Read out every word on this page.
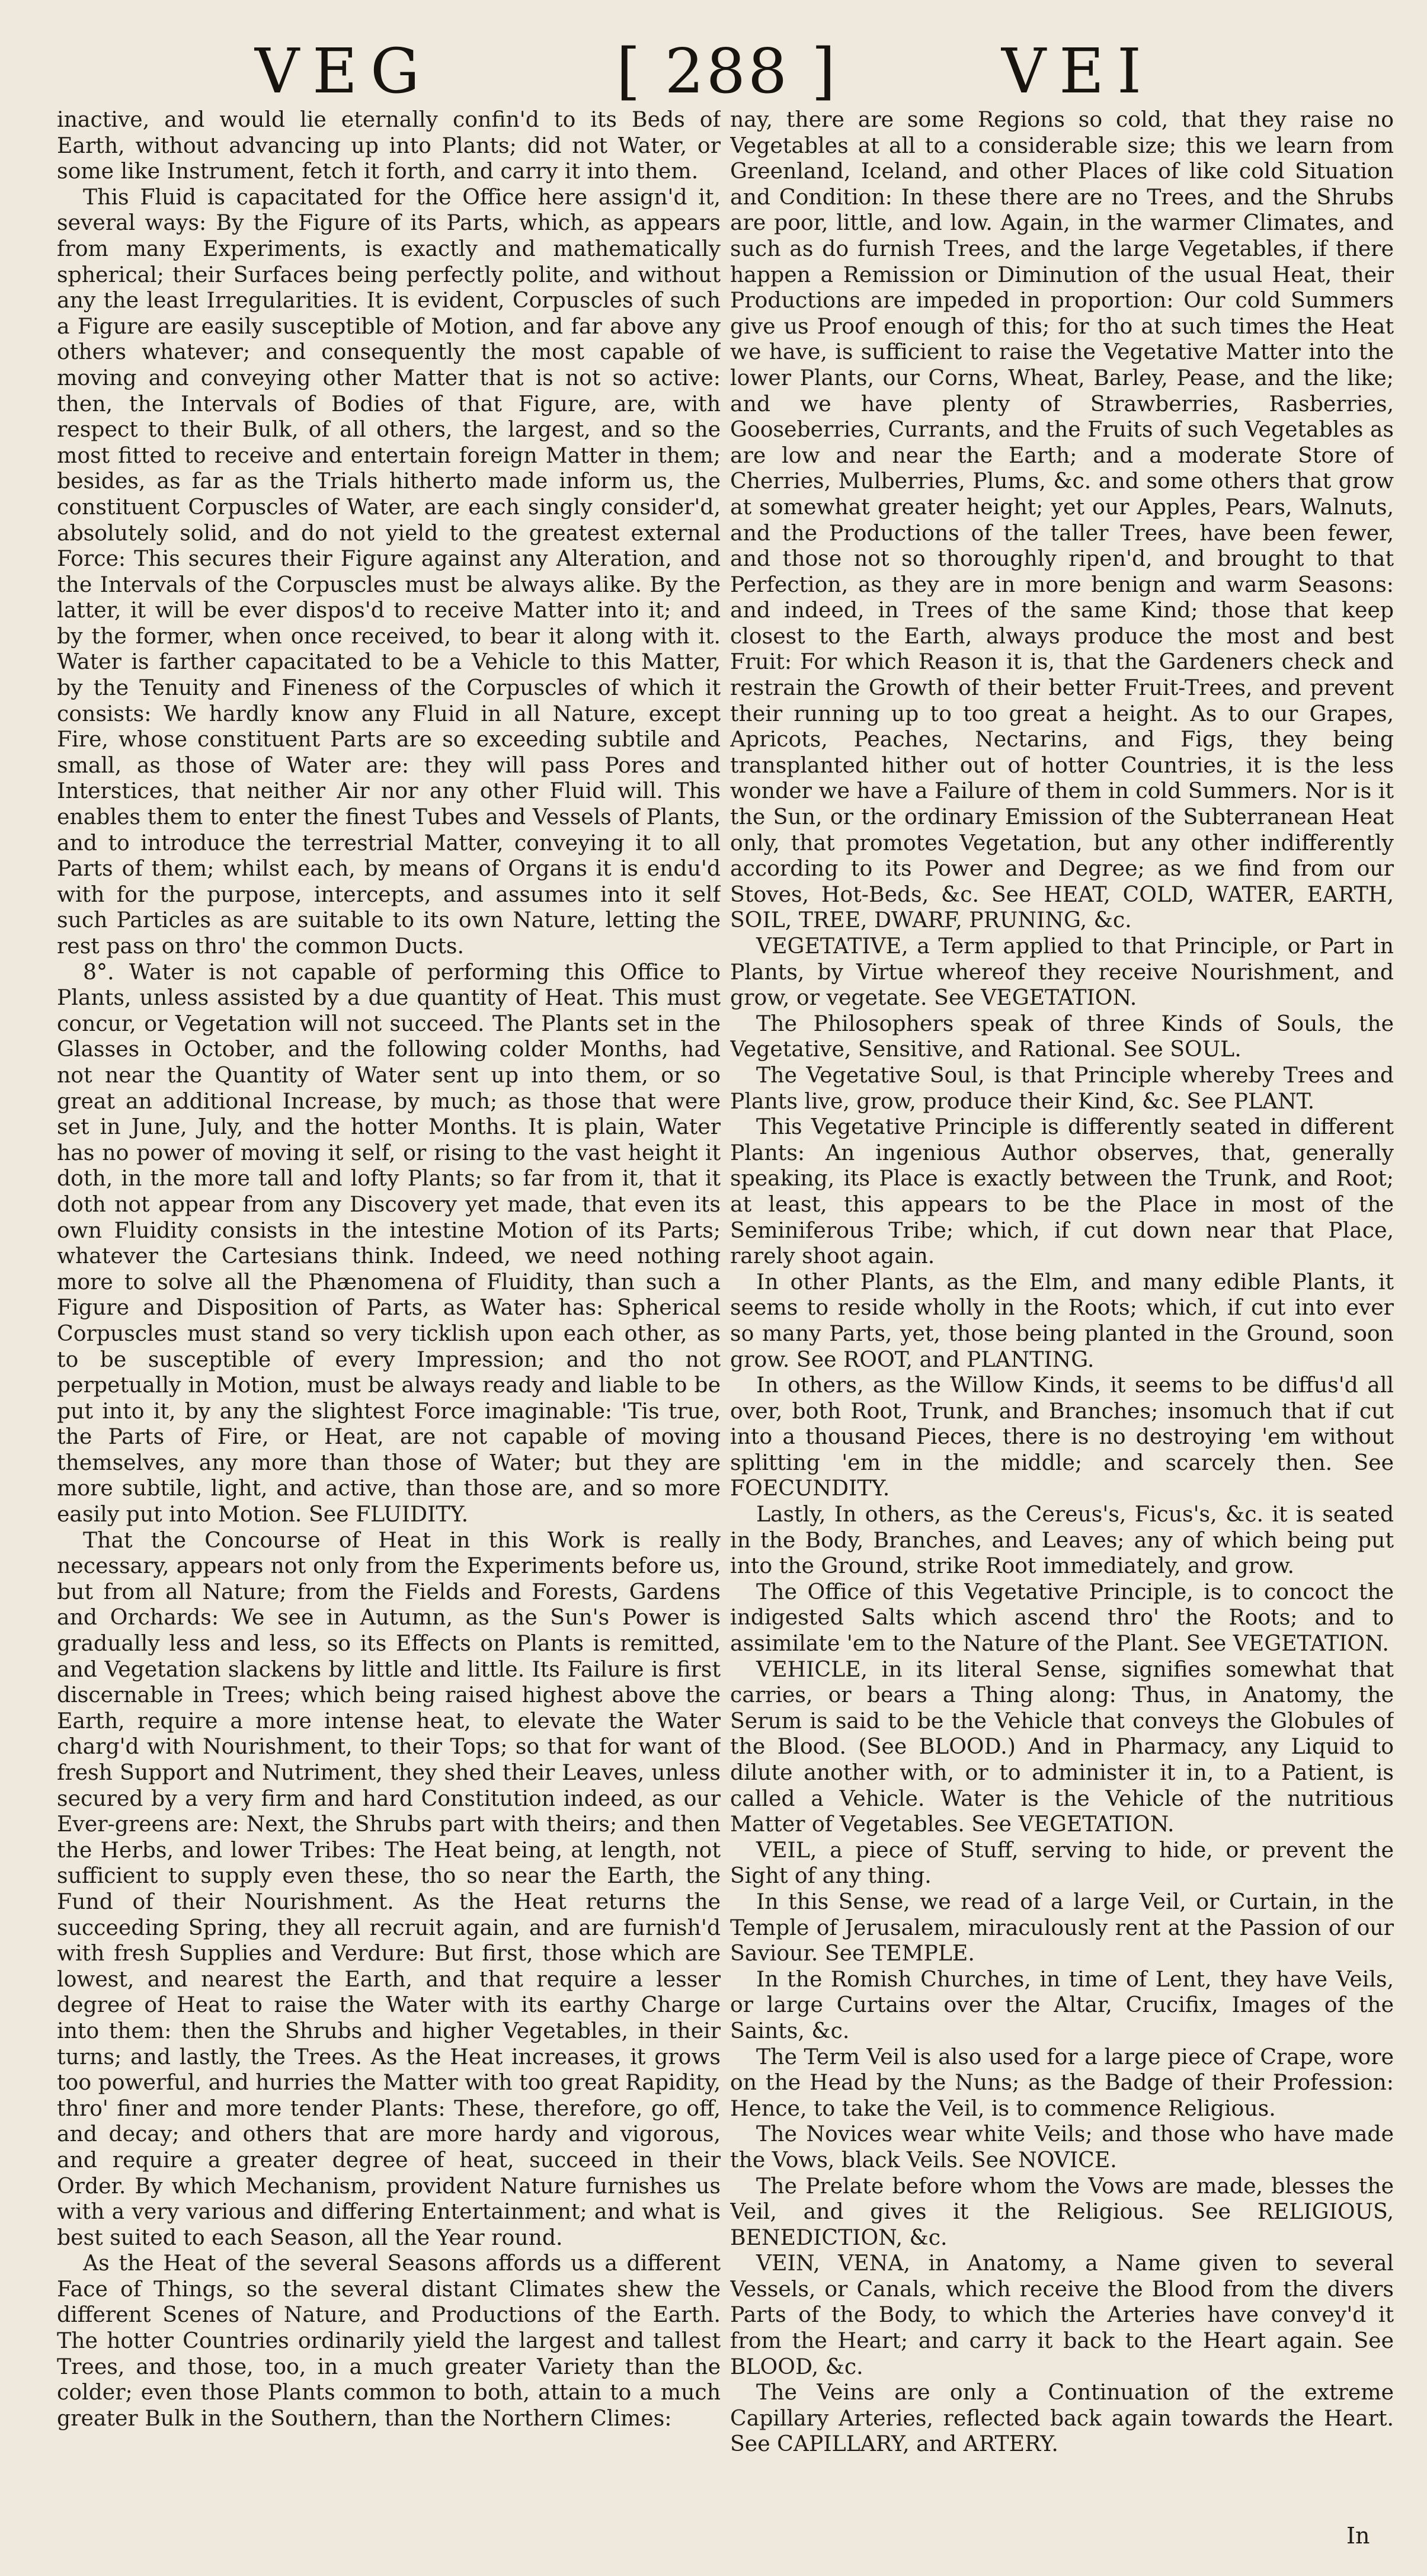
VEG	[ 288 ]	VEI

inactive, and would lie eternally confin'd to its Beds of Earth, without advancing up into Plants; did not Water, or some like Instrument, fetch it forth, and carry it into them.

This Fluid is capacitated for the Office here assign'd it, several ways: By the Figure of its Parts, which, as appears from many Experiments, is exactly and mathematically spherical; their Surfaces being perfectly polite, and without any the least Irregularities. It is evident, Corpuscles of such a Figure are easily susceptible of Motion, and far above any others whatever; and consequently the most capable of moving and conveying other Matter that is not so active: then, the Intervals of Bodies of that Figure, are, with respect to their Bulk, of all others, the largest, and so the most fitted to receive and entertain foreign Matter in them; besides, as far as the Trials hitherto made inform us, the constituent Corpuscles of Water, are each singly consider'd, absolutely solid, and do not yield to the greatest external Force: This secures their Figure against any Alteration, and the Intervals of the Corpuscles must be always alike. By the latter, it will be ever dispos'd to receive Matter into it; and by the former, when once received, to bear it along with it. Water is farther capacitated to be a Vehicle to this Matter, by the Tenuity and Fineness of the Corpuscles of which it consists: We hardly know any Fluid in all Nature, except Fire, whose constituent Parts are so exceeding subtile and small, as those of Water are: they will pass Pores and Interstices, that neither Air nor any other Fluid will. This enables them to enter the finest Tubes and Vessels of Plants, and to introduce the terrestrial Matter, conveying it to all Parts of them; whilst each, by means of Organs it is endu'd with for the purpose, intercepts, and assumes into it self such Particles as are suitable to its own Nature, letting the rest pass on thro' the common Ducts.

8°. Water is not capable of performing this Office to Plants, unless assisted by a due quantity of Heat. This must concur, or Vegetation will not succeed. The Plants set in the Glasses in October, and the following colder Months, had not near the Quantity of Water sent up into them, or so great an additional Increase, by much; as those that were set in June, July, and the hotter Months. It is plain, Water has no power of moving it self, or rising to the vast height it doth, in the more tall and lofty Plants; so far from it, that it doth not appear from any Discovery yet made, that even its own Fluidity consists in the intestine Motion of its Parts; whatever the Cartesians think. Indeed, we need nothing more to solve all the Phænomena of Fluidity, than such a Figure and Disposition of Parts, as Water has: Spherical Corpuscles must stand so very ticklish upon each other, as to be susceptible of every Impression; and tho not perpetually in Motion, must be always ready and liable to be put into it, by any the slightest Force imaginable: 'Tis true, the Parts of Fire, or Heat, are not capable of moving themselves, any more than those of Water; but they are more subtile, light, and active, than those are, and so more easily put into Motion. See FLUIDITY.

That the Concourse of Heat in this Work is really necessary, appears not only from the Experiments before us, but from all Nature; from the Fields and Forests, Gardens and Orchards: We see in Autumn, as the Sun's Power is gradually less and less, so its Effects on Plants is remitted, and Vegetation slackens by little and little. Its Failure is first discernable in Trees; which being raised highest above the Earth, require a more intense heat, to elevate the Water charg'd with Nourishment, to their Tops; so that for want of fresh Support and Nutriment, they shed their Leaves, unless secured by a very firm and hard Constitution indeed, as our Ever-greens are: Next, the Shrubs part with theirs; and then the Herbs, and lower Tribes: The Heat being, at length, not sufficient to supply even these, tho so near the Earth, the Fund of their Nourishment. As the Heat returns the succeeding Spring, they all recruit again, and are furnish'd with fresh Supplies and Verdure: But first, those which are lowest, and nearest the Earth, and that require a lesser degree of Heat to raise the Water with its earthy Charge into them: then the Shrubs and higher Vegetables, in their turns; and lastly, the Trees. As the Heat increases, it grows too powerful, and hurries the Matter with too great Rapidity, thro' finer and more tender Plants: These, therefore, go off, and decay; and others that are more hardy and vigorous, and require a greater degree of heat, succeed in their Order. By which Mechanism, provident Nature furnishes us with a very various and differing Entertainment; and what is best suited to each Season, all the Year round.

As the Heat of the several Seasons affords us a different Face of Things, so the several distant Climates shew the different Scenes of Nature, and Productions of the Earth. The hotter Countries ordinarily yield the largest and tallest Trees, and those, too, in a much greater Variety than the colder; even those Plants common to both, attain to a much greater Bulk in the Southern, than the Northern Climes:

nay, there are some Regions so cold, that they raise no Vegetables at all to a considerable size; this we learn from Greenland, Iceland, and other Places of like cold Situation and Condition: In these there are no Trees, and the Shrubs are poor, little, and low. Again, in the warmer Climates, and such as do furnish Trees, and the large Vegetables, if there happen a Remission or Diminution of the usual Heat, their Productions are impeded in proportion: Our cold Summers give us Proof enough of this; for tho at such times the Heat we have, is sufficient to raise the Vegetative Matter into the lower Plants, our Corns, Wheat, Barley, Pease, and the like; and we have plenty of Strawberries, Rasberries, Gooseberries, Currants, and the Fruits of such Vegetables as are low and near the Earth; and a moderate Store of Cherries, Mulberries, Plums, &c. and some others that grow at somewhat greater height; yet our Apples, Pears, Walnuts, and the Productions of the taller Trees, have been fewer, and those not so thoroughly ripen'd, and brought to that Perfection, as they are in more benign and warm Seasons: and indeed, in Trees of the same Kind; those that keep closest to the Earth, always produce the most and best Fruit: For which Reason it is, that the Gardeners check and restrain the Growth of their better Fruit-Trees, and prevent their running up to too great a height. As to our Grapes, Apricots, Peaches, Nectarins, and Figs, they being transplanted hither out of hotter Countries, it is the less wonder we have a Failure of them in cold Summers. Nor is it the Sun, or the ordinary Emission of the Subterranean Heat only, that promotes Vegetation, but any other indifferently according to its Power and Degree; as we find from our Stoves, Hot-Beds, &c. See HEAT, COLD, WATER, EARTH, SOIL, TREE, DWARF, PRUNING, &c.

VEGETATIVE, a Term applied to that Principle, or Part in Plants, by Virtue whereof they receive Nourishment, and grow, or vegetate. See VEGETATION.

The Philosophers speak of three Kinds of Souls, the Vegetative, Sensitive, and Rational. See SOUL.

The Vegetative Soul, is that Principle whereby Trees and Plants live, grow, produce their Kind, &c. See PLANT.

This Vegetative Principle is differently seated in different Plants: An ingenious Author observes, that, generally speaking, its Place is exactly between the Trunk, and Root; at least, this appears to be the Place in most of the Seminiferous Tribe; which, if cut down near that Place, rarely shoot again.

In other Plants, as the Elm, and many edible Plants, it seems to reside wholly in the Roots; which, if cut into ever so many Parts, yet, those being planted in the Ground, soon grow. See ROOT, and PLANTING.

In others, as the Willow Kinds, it seems to be diffus'd all over, both Root, Trunk, and Branches; insomuch that if cut into a thousand Pieces, there is no destroying 'em without splitting 'em in the middle; and scarcely then. See FOECUNDITY.

Lastly, In others, as the Cereus's, Ficus's, &c. it is seated in the Body, Branches, and Leaves; any of which being put into the Ground, strike Root immediately, and grow.

The Office of this Vegetative Principle, is to concoct the indigested Salts which ascend thro' the Roots; and to assimilate 'em to the Nature of the Plant. See VEGETATION.

VEHICLE, in its literal Sense, signifies somewhat that carries, or bears a Thing along: Thus, in Anatomy, the Serum is said to be the Vehicle that conveys the Globules of the Blood. (See BLOOD.) And in Pharmacy, any Liquid to dilute another with, or to administer it in, to a Patient, is called a Vehicle. Water is the Vehicle of the nutritious Matter of Vegetables. See VEGETATION.

VEIL, a piece of Stuff, serving to hide, or prevent the Sight of any thing.

In this Sense, we read of a large Veil, or Curtain, in the Temple of Jerusalem, miraculously rent at the Passion of our Saviour. See TEMPLE.

In the Romish Churches, in time of Lent, they have Veils, or large Curtains over the Altar, Crucifix, Images of the Saints, &c.

The Term Veil is also used for a large piece of Crape, wore on the Head by the Nuns; as the Badge of their Profession: Hence, to take the Veil, is to commence Religious.

The Novices wear white Veils; and those who have made the Vows, black Veils. See NOVICE.

The Prelate before whom the Vows are made, blesses the Veil, and gives it the Religious. See RELIGIOUS, BENEDICTION, &c.

VEIN, VENA, in Anatomy, a Name given to several Vessels, or Canals, which receive the Blood from the divers Parts of the Body, to which the Arteries have convey'd it from the Heart; and carry it back to the Heart again. See BLOOD, &c.

The Veins are only a Continuation of the extreme Capillary Arteries, reflected back again towards the Heart. See CAPILLARY, and ARTERY.

In
